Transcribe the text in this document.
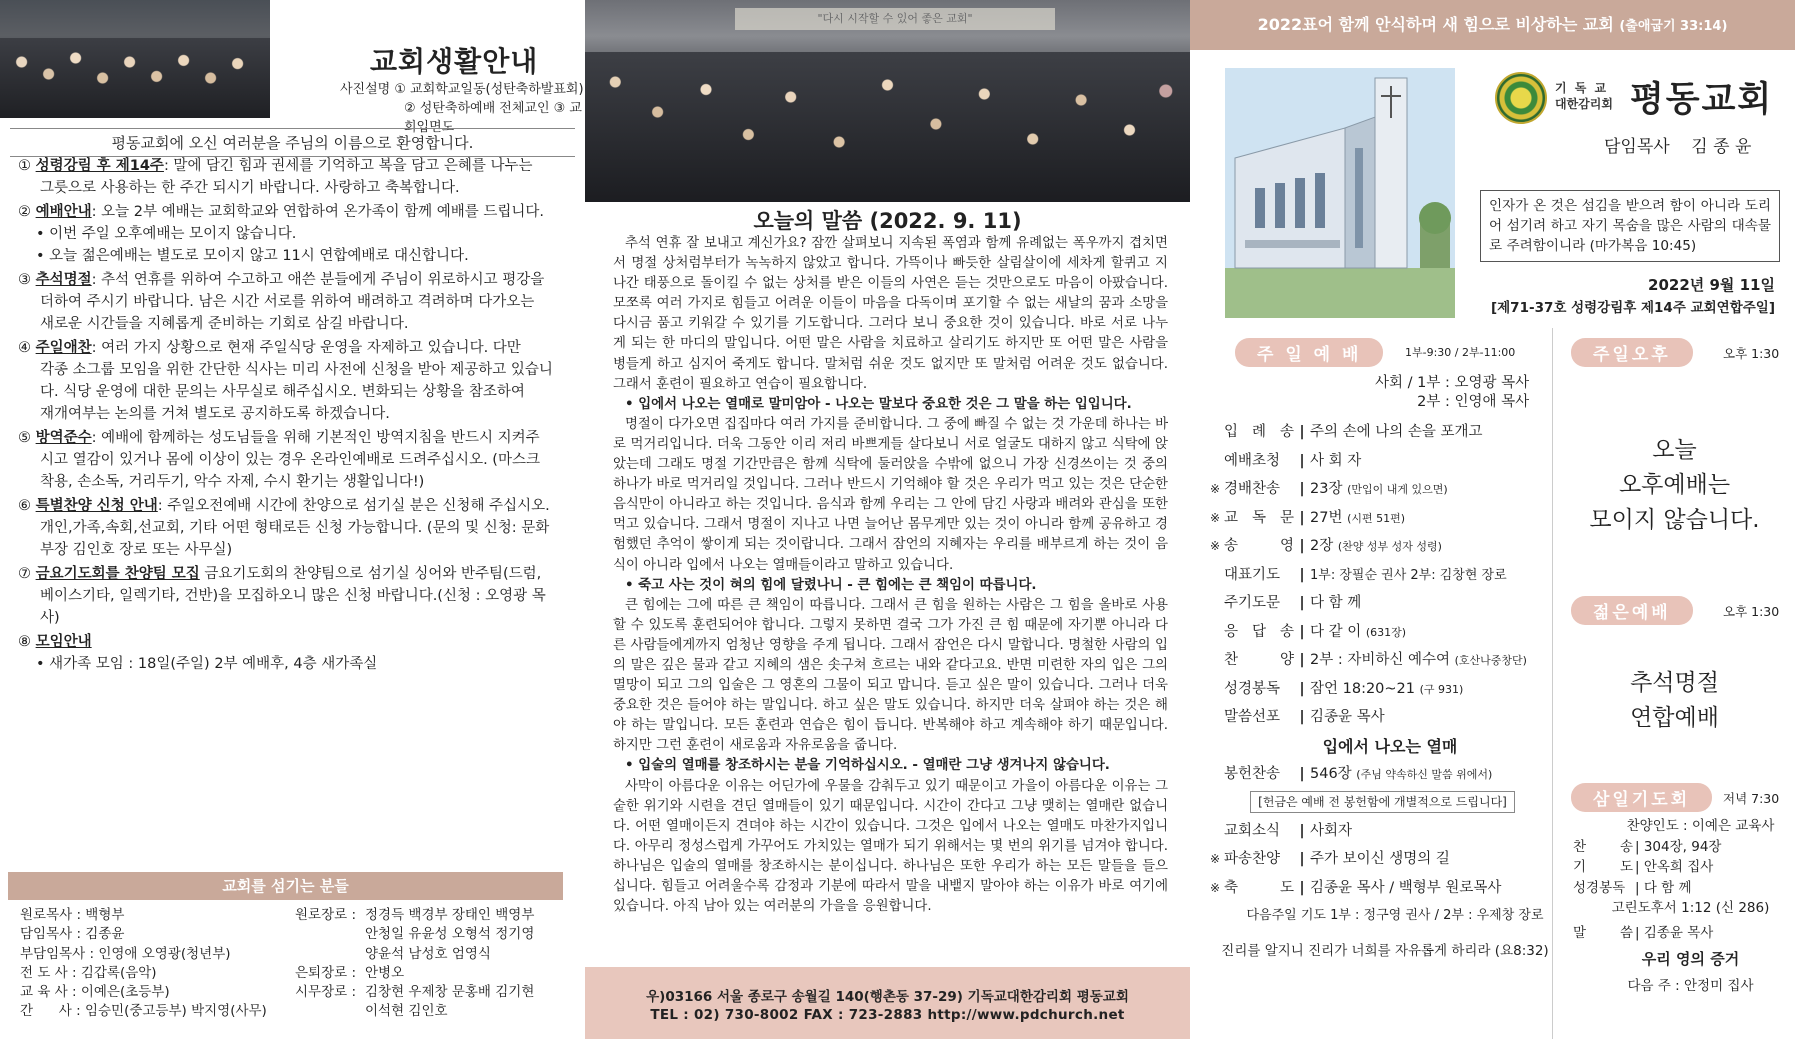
교회생활안내
사진설명 ① 교회학교일동(성탄축하발표회)
② 성탄축하예배 전체교인 ③ 교회입면도
평동교회에 오신 여러분을 주님의 이름으로 환영합니다.
① 성령강림 후 제14주: 말에 담긴 힘과 권세를 기억하고 복을 담고 은혜를 나누는
그릇으로 사용하는 한 주간 되시기 바랍니다. 사랑하고 축복합니다.
② 예배안내: 오늘 2부 예배는 교회학교와 연합하여 온가족이 함께 예배를 드립니다.
• 이번 주일 오후예배는 모이지 않습니다.
• 오늘 젊은예배는 별도로 모이지 않고 11시 연합예배로 대신합니다.
③ 추석명절: 추석 연휴를 위하여 수고하고 애쓴 분들에게 주님이 위로하시고 평강을
더하여 주시기 바랍니다. 남은 시간 서로를 위하여 배려하고 격려하며 다가오는
새로운 시간들을 지혜롭게 준비하는 기회로 삼길 바랍니다.
④ 주일애찬: 여러 가지 상황으로 현재 주일식당 운영을 자제하고 있습니다. 다만
각종 소그룹 모임을 위한 간단한 식사는 미리 사전에 신청을 받아 제공하고 있습니
다. 식당 운영에 대한 문의는 사무실로 해주십시오. 변화되는 상황을 참조하여
재개여부는 논의를 거쳐 별도로 공지하도록 하겠습니다.
⑤ 방역준수: 예배에 함께하는 성도님들을 위해 기본적인 방역지침을 반드시 지켜주
시고 열감이 있거나 몸에 이상이 있는 경우 온라인예배로 드려주십시오. (마스크
착용, 손소독, 거리두기, 악수 자제, 수시 환기는 생활입니다!)
⑥ 특별찬양 신청 안내: 주일오전예배 시간에 찬양으로 섬기실 분은 신청해 주십시오.
개인,가족,속회,선교회, 기타 어떤 형태로든 신청 가능합니다. (문의 및 신청: 문화
부장 김인호 장로 또는 사무실)
⑦ 금요기도회를 찬양팀 모집 금요기도회의 찬양팀으로 섬기실 싱어와 반주팀(드럼,
베이스기타, 일렉기타, 건반)을 모집하오니 많은 신청 바랍니다.(신청 : 오영광 목사)
⑧ 모임안내
• 새가족 모임 : 18일(주일) 2부 예배후, 4층 새가족실
교회를 섬기는 분들
원로목사 : 백형부
담임목사 : 김종윤
부담임목사 : 인영애 오영광(청년부)
전 도 사 : 김갑록(음악)
교 육 사 : 이예은(초등부)
간      사 : 임승민(중고등부) 박지영(사무)
원로장로 : 정경득 백경부 장태인 백영부
안청일 유윤성 오형석 정기영
양윤석 남성호 엄영식
은퇴장로 : 안병오
시무장로 : 김창현 우제창 문홍배 김기현
이석현 김인호
"다시 시작할 수 있어 좋은 교회"
오늘의 말씀 (2022. 9. 11)

추석 연휴 잘 보내고 계신가요? 잠깐 살펴보니 지속된 폭염과 함께 유례없는 폭우까지 겹치면서 명절 상처럼부터가 녹녹하지 않았고 합니다. 가뜩이나 빠듯한 살림살이에 세차게 할퀴고 지나간 태풍으로 돌이킬 수 없는 상처를 받은 이들의 사연은 듣는 것만으로도 마음이 아팠습니다. 모쪼록 여러 가지로 힘들고 어려운 이들이 마음을 다독이며 포기할 수 없는 새날의 꿈과 소망을 다시금 품고 키워갈 수 있기를 기도합니다. 그러다 보니 중요한 것이 있습니다. 바로 서로 나누게 되는 한 마디의 말입니다. 어떤 말은 사람을 치료하고 살리기도 하지만 또 어떤 말은 사람을 병들게 하고 심지어 죽게도 합니다. 말처럼 쉬운 것도 없지만 또 말처럼 어려운 것도 없습니다. 그래서 훈련이 필요하고 연습이 필요합니다.

• 입에서 나오는 열매로 말미암아 - 나오는 말보다 중요한 것은 그 말을 하는 입입니다.

명절이 다가오면 집집마다 여러 가지를 준비합니다. 그 중에 빠질 수 없는 것 가운데 하나는 바로 먹거리입니다. 더욱 그동안 이리 저리 바쁘게들 살다보니 서로 얼굴도 대하지 않고 식탁에 앉았는데 그래도 명절 기간만큼은 함께 식탁에 둘러앉을 수밖에 없으니 가장 신경쓰이는 것 중의 하나가 바로 먹거리일 것입니다. 그러나 반드시 기억해야 할 것은 우리가 먹고 있는 것은 단순한 음식만이 아니라고 하는 것입니다. 음식과 함께 우리는 그 안에 담긴 사랑과 배려와 관심을 또한 먹고 있습니다. 그래서 명절이 지나고 나면 늘어난 몸무게만 있는 것이 아니라 함께 공유하고 경험했던 추억이 쌓이게 되는 것이랍니다. 그래서 잠언의 지혜자는 우리를 배부르게 하는 것이 음식이 아니라 입에서 나오는 열매들이라고 말하고 있습니다.

• 죽고 사는 것이 혀의 힘에 달렸나니 - 큰 힘에는 큰 책임이 따릅니다.

큰 힘에는 그에 따른 큰 책임이 따릅니다. 그래서 큰 힘을 원하는 사람은 그 힘을 올바로 사용할 수 있도록 훈련되어야 합니다. 그렇지 못하면 결국 그가 가진 큰 힘 때문에 자기뿐 아니라 다른 사람들에게까지 엄청난 영향을 주게 됩니다. 그래서 잠언은 다시 말합니다. 명철한 사람의 입의 말은 깊은 물과 같고 지혜의 샘은 솟구쳐 흐르는 내와 같다고요. 반면 미련한 자의 입은 그의 멸망이 되고 그의 입술은 그 영혼의 그물이 되고 맙니다. 듣고 싶은 말이 있습니다. 그러나 더욱 중요한 것은 들어야 하는 말입니다. 하고 싶은 말도 있습니다. 하지만 더욱 살펴야 하는 것은 해야 하는 말입니다. 모든 훈련과 연습은 힘이 듭니다. 반복해야 하고 계속해야 하기 때문입니다. 하지만 그런 훈련이 새로움과 자유로움을 줍니다.

• 입술의 열매를 창조하시는 분을 기억하십시오. - 열매란 그냥 생겨나지 않습니다.

사막이 아름다운 이유는 어딘가에 우물을 감춰두고 있기 때문이고 가을이 아름다운 이유는 그 숱한 위기와 시련을 견딘 열매들이 있기 때문입니다. 시간이 간다고 그냥 맺히는 열매란 없습니다. 어떤 열매이든지 견뎌야 하는 시간이 있습니다. 그것은 입에서 나오는 열매도 마찬가지입니다. 아무리 정성스럽게 가꾸어도 가치있는 열매가 되기 위해서는 몇 번의 위기를 넘겨야 합니다. 하나님은 입술의 열매를 창조하시는 분이십니다. 하나님은 또한 우리가 하는 모든 말들을 들으십니다. 힘들고 어려울수록 감정과 기분에 따라서 말을 내뱉지 말아야 하는 이유가 바로 여기에 있습니다. 아직 남아 있는 여러분의 가을을 응원합니다.

우)03166 서울 종로구 송월길 140(행촌동 37-29) 기독교대한감리회 평동교회
TEL : 02) 730-8002 FAX : 723-2883 http://www.pdchurch.net
2022표어 함께 안식하며 새 힘으로 비상하는 교회 (출애굽기 33:14)
기 독 교
대한감리회 평동교회
담임목사    김 종 윤
인자가 온 것은 섬김을 받으려 함이 아니라 도리어 섬기려 하고 자기 목숨을 많은 사람의 대속물로 주려함이니라 (마가복음 10:45)
2022년 9월 11일
[제71-37호 성령강림후 제14주 교회연합주일]
주 일 예 배	1부-9:30 / 2부-11:00
사회 / 1부 : 오영광 목사
2부 : 인영애 목사
입 례 송 | 주의 손에 나의 손을 포개고
예배초청	| 사 회 자
※ 경배찬송	| 23장 (만입이 내게 있으면)
※ 교 독 문 | 27번 (시편 51편)
※ 송 영 | 2장 (찬양 성부 성자 성령)
대표기도	| 1부: 장필순 권사 2부: 김창현 장로
주기도문	| 다 함 께
응 답 송 | 다 같 이 (631장)
찬 양 | 2부 : 자비하신 예수여 (호산나중창단)
성경봉독	| 잠언 18:20~21 (구 931)
말씀선포	| 김종윤 목사
입에서 나오는 열매
봉헌찬송	| 546장 (주님 약속하신 말씀 위에서)
[헌금은 예배 전 봉헌함에 개별적으로 드립니다]
교회소식	| 사회자
※ 파송찬양	| 주가 보이신 생명의 길
※ 축 도 | 김종윤 목사 / 백형부 원로목사
다음주일 기도 1부 : 정구영 권사 / 2부 : 우제창 장로
진리를 알지니 진리가 너희를 자유롭게 하리라 (요8:32)
주일오후	오후 1:30
오늘
오후예배는
모이지 않습니다.
젊은예배	오후 1:30
추석명절
연합예배
삼일기도회	저녁 7:30
찬양인도 : 이예은 교육사
찬 송 | 304장, 94장
기 도 | 안옥희 집사
성경봉독 | 다 함 께
고린도후서 1:12 (신 286)
말 씀 | 김종윤 목사
우리 영의 증거
다음 주 : 안정미 집사
